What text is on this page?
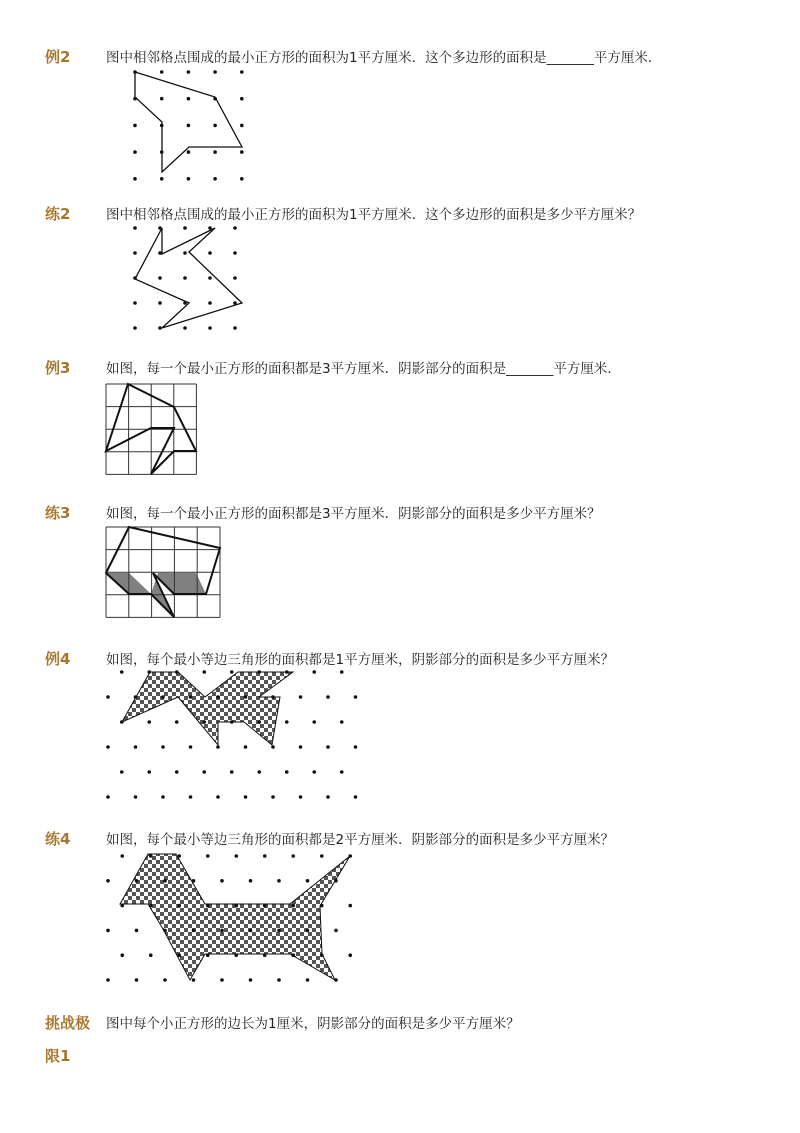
例2	图中相邻格点围成的最小正方形的面积为1平方厘米．这个多边形的面积是_______平方厘米．
练2	图中相邻格点围成的最小正方形的面积为1平方厘米．这个多边形的面积是多少平方厘米？
例3	如图，每一个最小正方形的面积都是3平方厘米．阴影部分的面积是_______平方厘米．
练3	如图，每一个最小正方形的面积都是3平方厘米．阴影部分的面积是多少平方厘米？
例4	如图，每个最小等边三角形的面积都是1平方厘米，阴影部分的面积是多少平方厘米？
练4	如图，每个最小等边三角形的面积都是2平方厘米．阴影部分的面积是多少平方厘米？
挑战极 图中每个小正方形的边长为1厘米，阴影部分的面积是多少平方厘米？
限1
